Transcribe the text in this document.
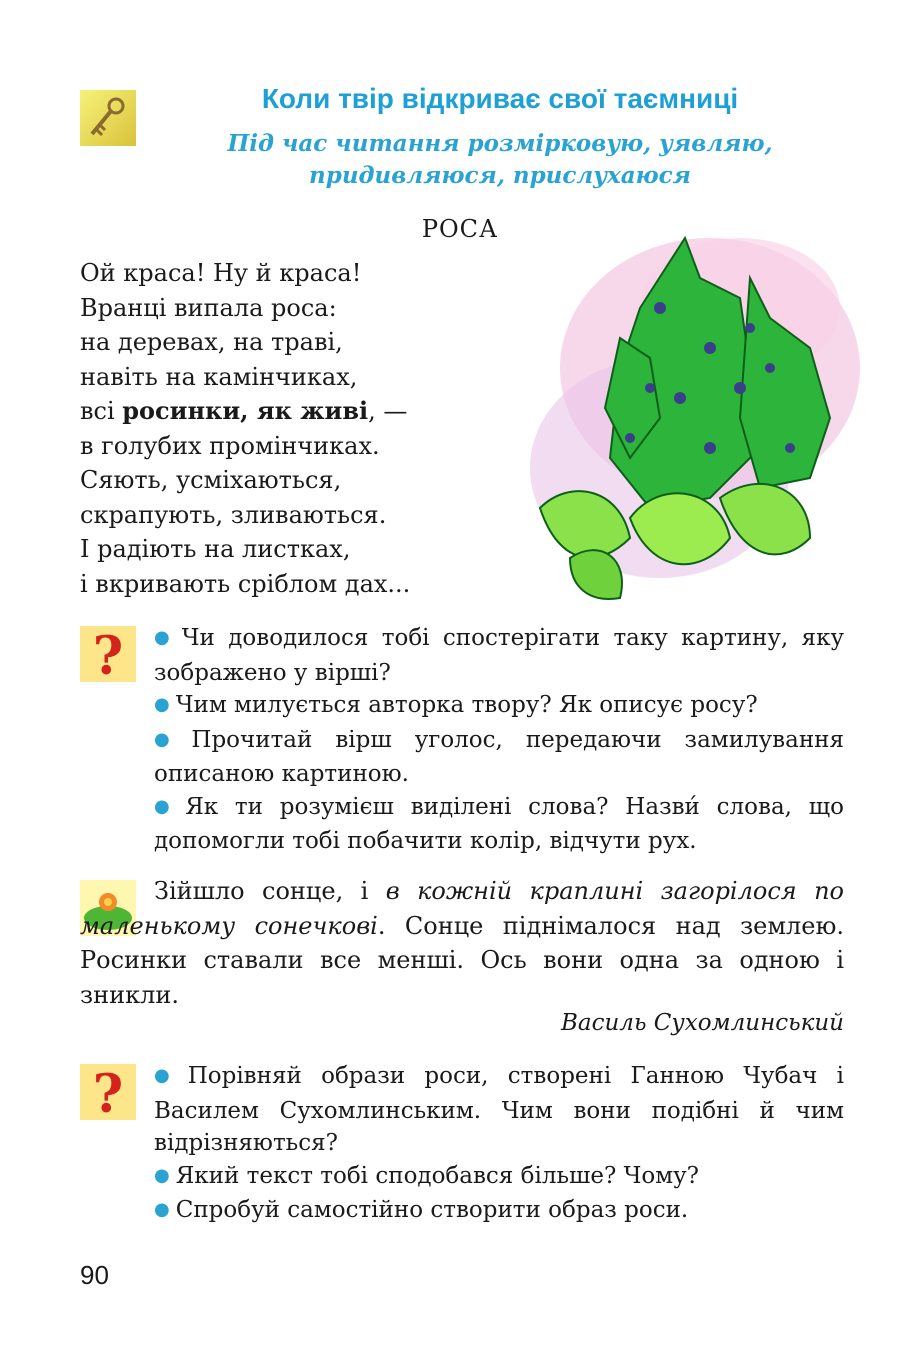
Коли твір відкриває свої таємниці
Під час читання розмірковую, уявляю,
придивляюся, прислухаюся
РОСА
Ой краса! Ну й краса!
Вранці випала роса:
на деревах, на траві,
навіть на камінчиках,
всі росинки, як живі, —
в голубих промінчиках.
Сяють, усміхаються,
скрапують, зливаються.
І радіють на листках,
і вкривають сріблом дах...
? ● Чи доводилося тобі спостерігати таку картину, яку зображено у вірші?
● Чим милується авторка твору? Як описує росу?
● Прочитай вірш уголос, передаючи замилування описаною картиною.
● Як ти розумієш виділені слова? Назви́ слова, що допомогли тобі побачити колір, відчути рух.
Зійшло сонце, і в кожній краплині загорілося по маленькому сонечкові. Сонце піднімалося над землею. Росинки ставали все менші. Ось вони одна за одною і зникли.
Василь Сухомлинський
? ● Порівняй образи роси, створені Ганною Чубач і Василем Сухомлинським. Чим вони подібні й чим відрізняються?
● Який текст тобі сподобався більше? Чому?
● Спробуй самостійно створити образ роси.
90
